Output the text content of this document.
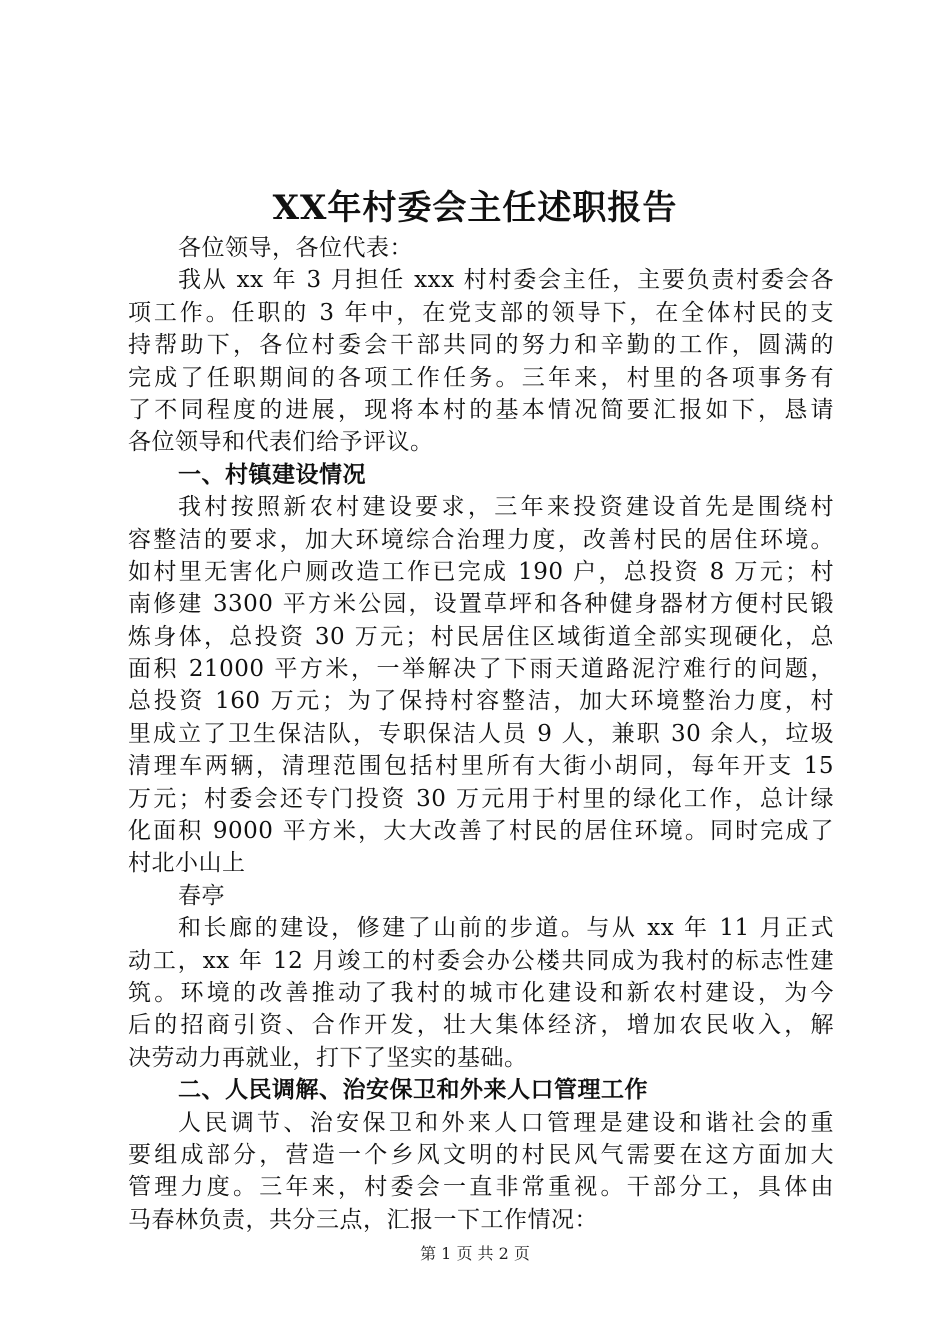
XX年村委会主任述职报告
各位领导，各位代表：
我从 xx 年 3 月担任 xxx 村村委会主任，主要负责村委会各
项工作。任职的 3 年中，在党支部的领导下，在全体村民的支
持帮助下，各位村委会干部共同的努力和辛勤的工作，圆满的
完成了任职期间的各项工作任务。三年来，村里的各项事务有
了不同程度的进展，现将本村的基本情况简要汇报如下，恳请
各位领导和代表们给予评议。
一、村镇建设情况
我村按照新农村建设要求，三年来投资建设首先是围绕村
容整洁的要求，加大环境综合治理力度，改善村民的居住环境。
如村里无害化户厕改造工作已完成 190 户，总投资 8 万元；村
南修建 3300 平方米公园，设置草坪和各种健身器材方便村民锻
炼身体，总投资 30 万元；村民居住区域街道全部实现硬化，总
面积 21000 平方米，一举解决了下雨天道路泥泞难行的问题，
总投资 160 万元；为了保持村容整洁，加大环境整治力度，村
里成立了卫生保洁队，专职保洁人员 9 人，兼职 30 余人，垃圾
清理车两辆，清理范围包括村里所有大街小胡同，每年开支 15
万元；村委会还专门投资 30 万元用于村里的绿化工作，总计绿
化面积 9000 平方米，大大改善了村民的居住环境。同时完成了
村北小山上
春亭
和长廊的建设，修建了山前的步道。与从 xx 年 11 月正式
动工，xx 年 12 月竣工的村委会办公楼共同成为我村的标志性建
筑。环境的改善推动了我村的城市化建设和新农村建设，为今
后的招商引资、合作开发，壮大集体经济，增加农民收入，解
决劳动力再就业，打下了坚实的基础。
二、人民调解、治安保卫和外来人口管理工作
人民调节、治安保卫和外来人口管理是建设和谐社会的重
要组成部分，营造一个乡风文明的村民风气需要在这方面加大
管理力度。三年来，村委会一直非常重视。干部分工，具体由
马春林负责，共分三点，汇报一下工作情况：
第 1 页 共 2 页
